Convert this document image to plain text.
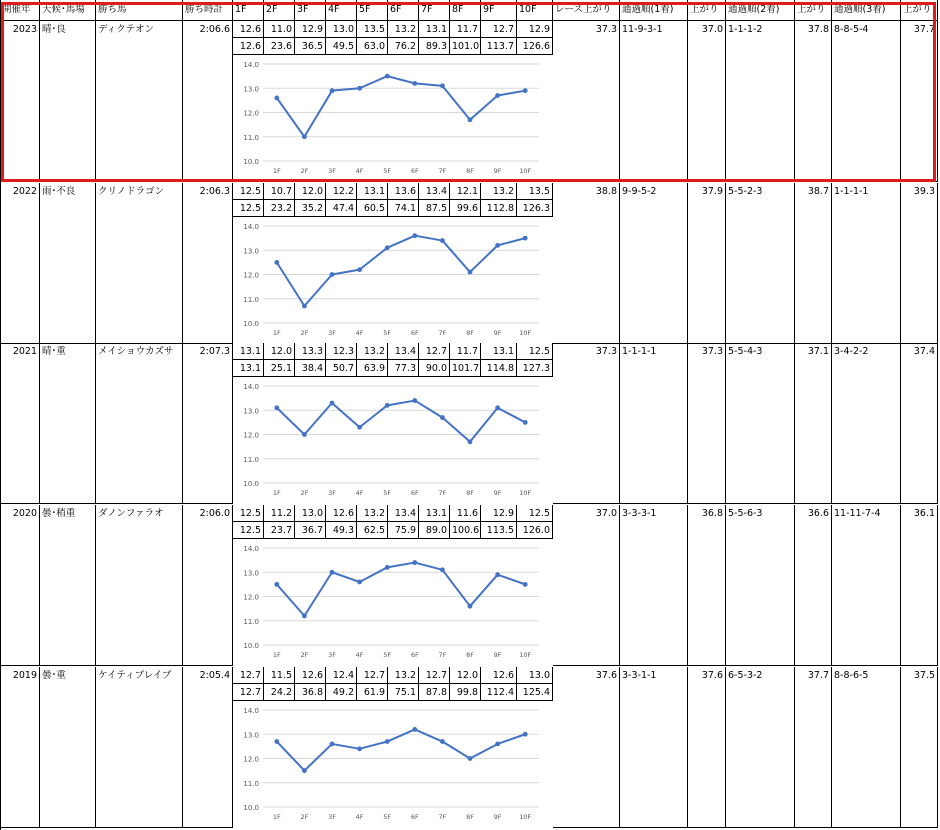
開催年	天候･馬場	勝ち馬	勝ち時計	1F	2F	3F	4F	5F	6F	7F	8F	9F	10F	レース上がり	通過順(1着)	上がり 通過順(2着)	上がり 通過順(3着)	上がり
2023 晴･良	ディクテオン	2:06.6	12.6	11.0	12.9	13.0	13.5	13.2	13.1	11.7	12.7	12.9
12.6	23.6	36.5	49.5	63.0	76.2	89.3 101.0 113.7 126.6
37.3 11-9-3-1	37.0 1-1-1-2	37.8 8-8-5-4	37.7
14.0
13.0
12.0
11.0
10.0
1F	2F	3F	4F	5F	6F	7F	8F	9F	10F
2022 雨･不良	クリノドラゴン	2:06.3	12.5	10.7	12.0	12.2	13.1	13.6	13.4	12.1	13.2	13.5
12.5	23.2	35.2	47.4	60.5	74.1	87.5	99.6 112.8 126.3
38.8 9-9-5-2	37.9 5-5-2-3	38.7 1-1-1-1	39.3
14.0
13.0
12.0
11.0
10.0
1F	2F	3F	4F	5F	6F	7F	8F	9F	10F
2021 晴･重	メイショウカズサ	2:07.3	13.1	12.0	13.3	12.3	13.2	13.4	12.7	11.7	13.1	12.5
13.1	25.1	38.4	50.7	63.9	77.3	90.0 101.7 114.8 127.3
37.3 1-1-1-1	37.3 5-5-4-3	37.1 3-4-2-2	37.4
14.0
13.0
12.0
11.0
10.0
1F	2F	3F	4F	5F	6F	7F	8F	9F	10F
2020 曇･稍重	ダノンファラオ	2:06.0	12.5	11.2	13.0	12.6	13.2	13.4	13.1	11.6	12.9	12.5
12.5	23.7	36.7	49.3	62.5	75.9	89.0 100.6 113.5 126.0
37.0 3-3-3-1	36.8 5-5-6-3	36.6 11-11-7-4	36.1
14.0
13.0
12.0
11.0
10.0
1F	2F	3F	4F	5F	6F	7F	8F	9F	10F
2019 曇･重	ケイティブレイブ	2:05.4	12.7	11.5	12.6	12.4	12.7	13.2	12.7	12.0	12.6	13.0
12.7	24.2	36.8	49.2	61.9	75.1	87.8	99.8 112.4 125.4
37.6 3-3-1-1	37.6 6-5-3-2	37.7 8-8-6-5	37.5
14.0
13.0
12.0
11.0
10.0
1F	2F	3F	4F	5F	6F	7F	8F	9F	10F
